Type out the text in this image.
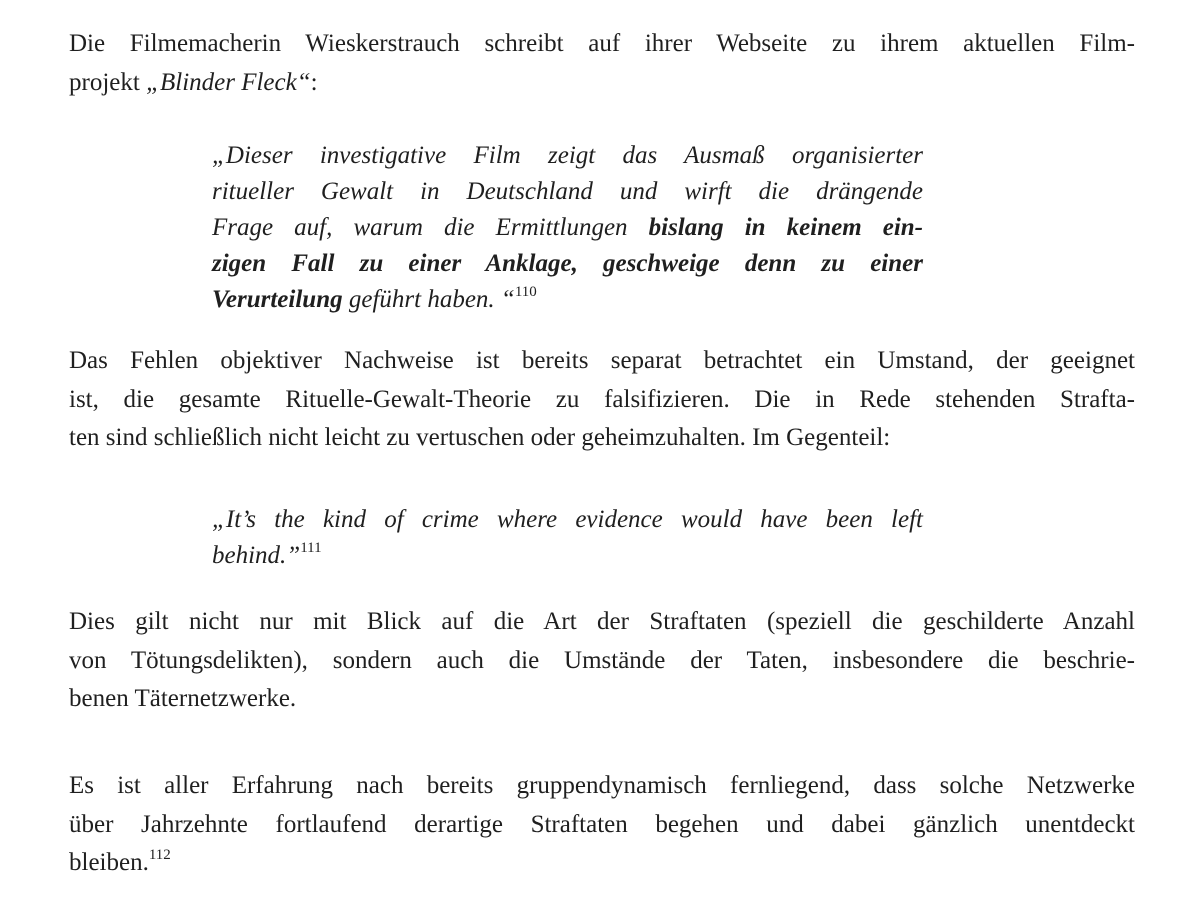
Die Filmemacherin Wieskerstrauch schreibt auf ihrer Webseite zu ihrem aktuellen Film-
projekt „Blinder Fleck“:

„Dieser investigative Film zeigt das Ausmaß organisierter
ritueller Gewalt in Deutschland und wirft die drängende
Frage auf, warum die Ermittlungen bislang in keinem ein-
zigen Fall zu einer Anklage, geschweige denn zu einer
Verurteilung geführt haben. “$^{110}$

Das Fehlen objektiver Nachweise ist bereits separat betrachtet ein Umstand, der geeignet
ist, die gesamte Rituelle-Gewalt-Theorie zu falsifizieren. Die in Rede stehenden Strafta-
ten sind schließlich nicht leicht zu vertuschen oder geheimzuhalten. Im Gegenteil:

„It’s the kind of crime where evidence would have been left
behind.”$^{111}$

Dies gilt nicht nur mit Blick auf die Art der Straftaten (speziell die geschilderte Anzahl
von Tötungsdelikten), sondern auch die Umstände der Taten, insbesondere die beschrie-
benen Täternetzwerke.

Es ist aller Erfahrung nach bereits gruppendynamisch fernliegend, dass solche Netzwerke
über Jahrzehnte fortlaufend derartige Straftaten begehen und dabei gänzlich unentdeckt
bleiben.$^{112}$
